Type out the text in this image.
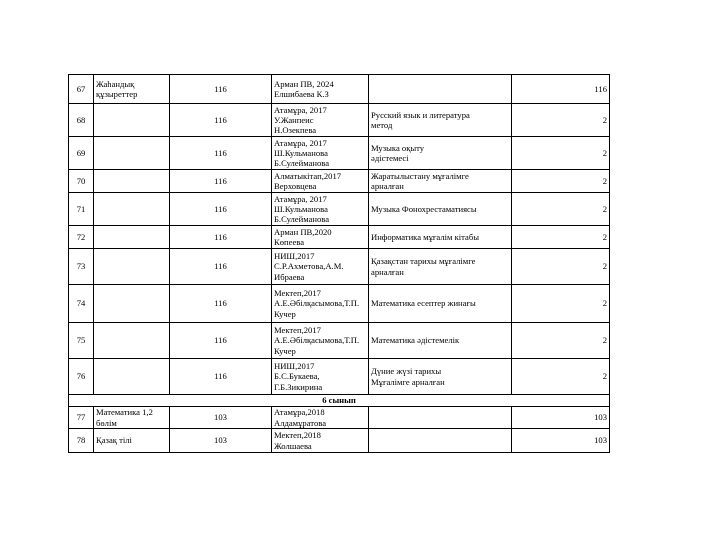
67	Жаһандық
құзыреттер	116	Арман ПВ, 2024
Елшибаева К.З		116
68		116	Атамұра, 2017
У.Жанпеис
Н.Озекпева	Русский язык и литература
метод	2
69		116	Атамұра, 2017
Ш.Кульманова
Б.Сулейманова	Музыка оқыту
әдістемесі	2
70		116	Алматыкітап,2017
Верховцева	Жаратылыстану мұғалімге
арналған	2
71		116	Атамұра, 2017
Ш.Кульманова
Б.Сулейманова	Музыка Фонохрестаматиясы	2
72		116	Арман ПВ,2020
Көпеева	Информатика мұғалім кітабы	2
73		116	НИШ,2017
С.Р.Ахметова,А.М.
Ибраева	Қазақстан тарихы мұғалімге
арналған	2
74		116	Мектеп,2017
А.Е.Әбілқасымова,Т.П.
Кучер	Математика есептер жинағы	2
75		116	Мектеп,2017
А.Е.Әбілқасымова,Т.П.
Кучер	Математика әдістемелік	2
76		116	НИШ,2017
Б.С.Букаева,
Г.Б.Зикирина	Дүние жүзі тарихы
Мұғалімге арналған	2
6 сынып					
77	Математика 1,2
бөлім	103	Атамұра,2018
Алдамұратова		103
78	Қазақ тілі	103	Мектеп,2018
Жолшаева		103
